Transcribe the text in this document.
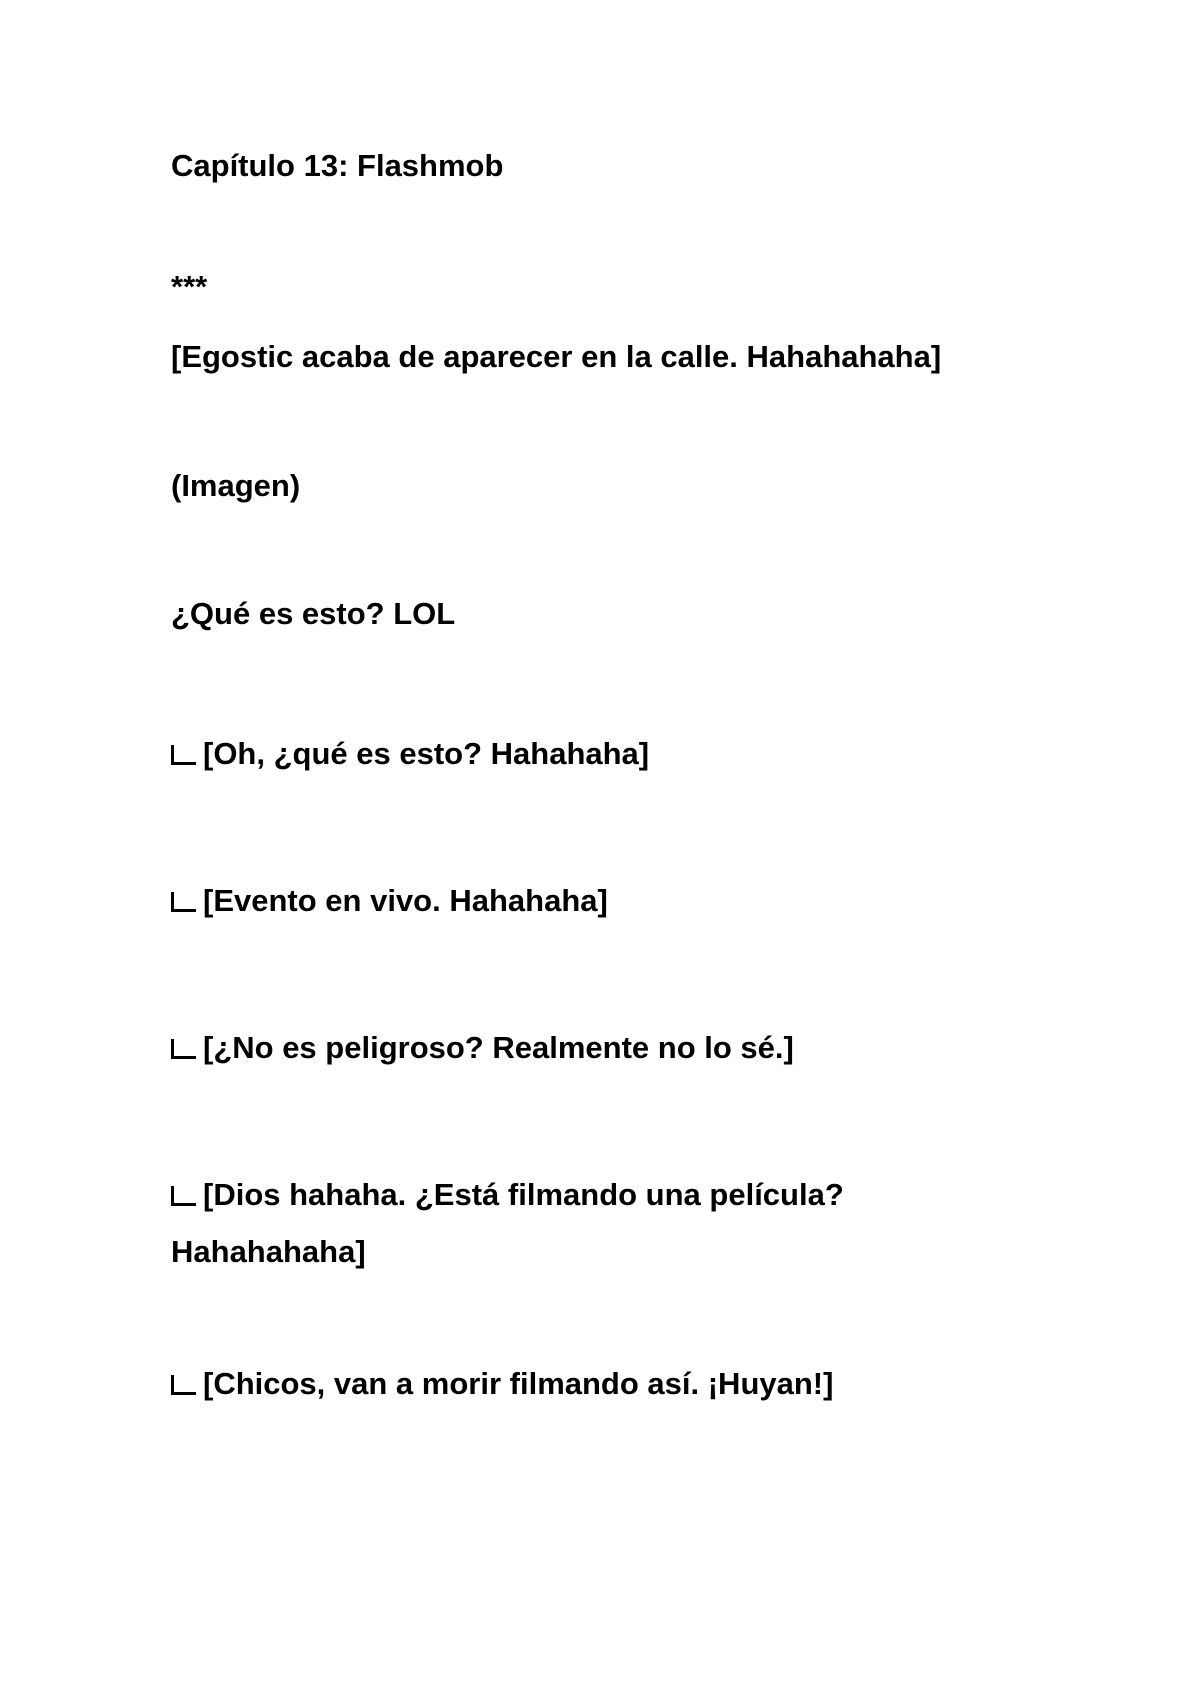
Capítulo 13: Flashmob

***

[Egostic acaba de aparecer en la calle. Hahahahaha]

(Imagen)

¿Qué es esto? LOL

[Oh, ¿qué es esto? Hahahaha]

[Evento en vivo. Hahahaha]

[¿No es peligroso? Realmente no lo sé.]

[Dios hahaha. ¿Está filmando una película? Hahahahaha]

[Chicos, van a morir filmando así. ¡Huyan!]
